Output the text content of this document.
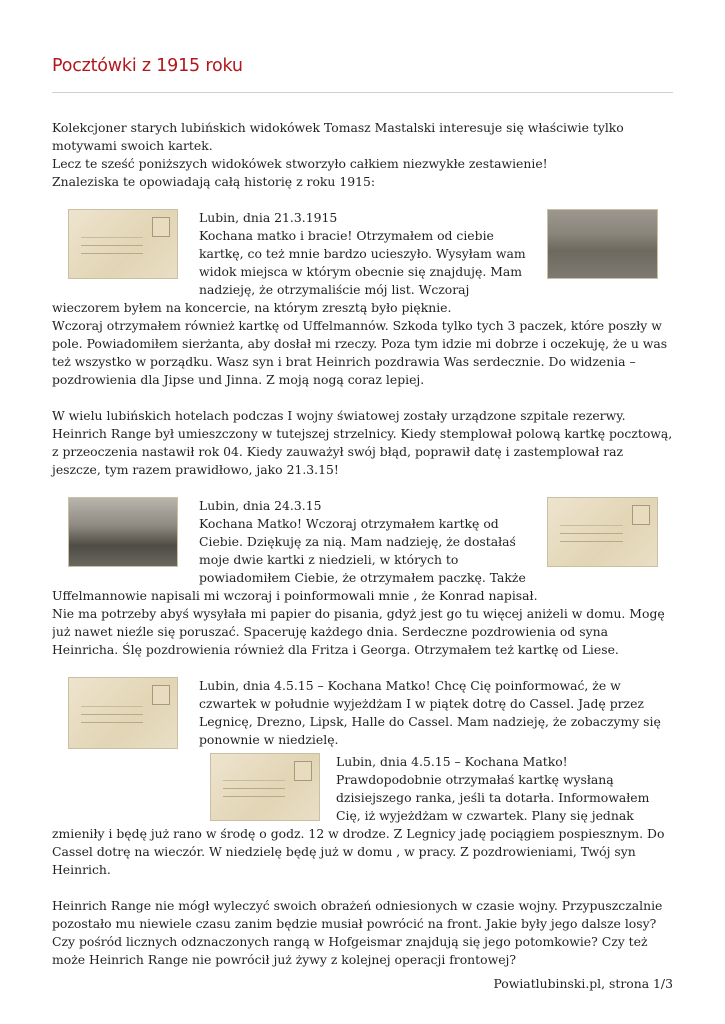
Pocztówki z 1915 roku

Kolekcjoner starych lubińskich widokówek Tomasz Mastalski interesuje się właściwie tylko motywami swoich kartek.

Lecz te sześć poniższych widokówek stworzyło całkiem niezwykłe zestawienie!

Znaleziska te opowiadają całą historię z roku 1915:

Lubin, dnia 21.3.1915

Kochana matko i bracie! Otrzymałem od ciebie kartkę, co też mnie bardzo ucieszyło. Wysyłam wam widok miejsca w którym obecnie się znajduję. Mam nadzieję, że otrzymaliście mój list. Wczoraj wieczorem byłem na koncercie, na którym zresztą było pięknie.

Wczoraj otrzymałem również kartkę od Uffelmannów. Szkoda tylko tych 3 paczek, które poszły w pole. Powiadomiłem sierżanta, aby dosłał mi rzeczy. Poza tym idzie mi dobrze i oczekuję, że u was też wszystko w porządku. Wasz syn i brat Heinrich pozdrawia Was serdecznie. Do widzenia – pozdrowienia dla Jipse und Jinna. Z moją nogą coraz lepiej.

W wielu lubińskich hotelach podczas I wojny światowej zostały urządzone szpitale rezerwy. Heinrich Range był umieszczony w tutejszej strzelnicy. Kiedy stemplował polową kartkę pocztową, z przeoczenia nastawił rok 04. Kiedy zauważył swój błąd, poprawił datę i zastemplował raz jeszcze, tym razem prawidłowo, jako 21.3.15!

Lubin, dnia 24.3.15

Kochana Matko! Wczoraj otrzymałem kartkę od Ciebie. Dziękuję za nią. Mam nadzieję, że dostałaś moje dwie kartki z niedzieli, w których to powiadomiłem Ciebie, że otrzymałem paczkę. Także Uffelmannowie napisali mi wczoraj i poinformowali mnie , że Konrad napisał.

Nie ma potrzeby abyś wysyłała mi papier do pisania, gdyż jest go tu więcej aniżeli w domu. Mogę już nawet nieźle się poruszać. Spaceruję każdego dnia. Serdeczne pozdrowienia od syna Heinricha. Ślę pozdrowienia również dla Fritza i Georga. Otrzymałem też kartkę od Liese.

Lubin, dnia 4.5.15 – Kochana Matko! Chcę Cię poinformować, że w czwartek w południe wyjeżdżam I w piątek dotrę do Cassel. Jadę przez Legnicę, Drezno, Lipsk, Halle do Cassel. Mam nadzieję, że zobaczymy się ponownie w niedzielę.

Lubin, dnia 4.5.15 – Kochana Matko! Prawdopodobnie otrzymałaś kartkę wysłaną dzisiejszego ranka, jeśli ta dotarła. Informowałem Cię, iż wyjeżdżam w czwartek. Plany się jednak zmieniły i będę już rano w środę o godz. 12 w drodze. Z Legnicy jadę pociągiem pospiesznym. Do Cassel dotrę na wieczór. W niedzielę będę już w domu , w pracy. Z pozdrowieniami, Twój syn Heinrich.

Heinrich Range nie mógł wyleczyć swoich obrażeń odniesionych w czasie wojny. Przypuszczalnie pozostało mu niewiele czasu zanim będzie musiał powrócić na front. Jakie były jego dalsze losy? Czy pośród licznych odznaczonych rangą w Hofgeismar znajdują się jego potomkowie? Czy też może Heinrich Range nie powrócił już żywy z kolejnej operacji frontowej?

Powiatlubinski.pl, strona 1/3
